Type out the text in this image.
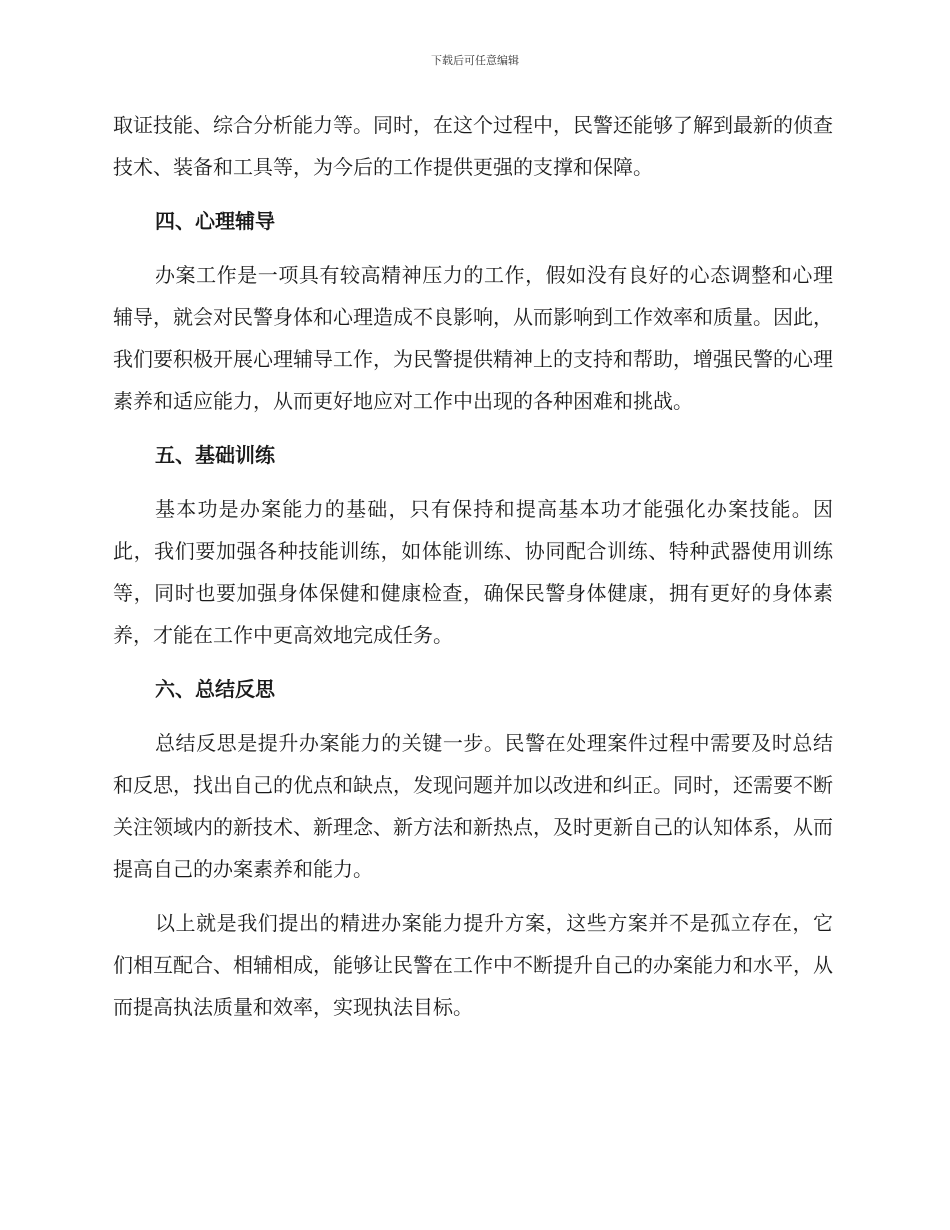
下载后可任意编辑

取证技能、综合分析能力等。同时，在这个过程中，民警还能够了解到最新的侦查技术、装备和工具等，为今后的工作提供更强的支撑和保障。

四、心理辅导

办案工作是一项具有较高精神压力的工作，假如没有良好的心态调整和心理辅导，就会对民警身体和心理造成不良影响，从而影响到工作效率和质量。因此，我们要积极开展心理辅导工作，为民警提供精神上的支持和帮助，增强民警的心理素养和适应能力，从而更好地应对工作中出现的各种困难和挑战。

五、基础训练

基本功是办案能力的基础，只有保持和提高基本功才能强化办案技能。因此，我们要加强各种技能训练，如体能训练、协同配合训练、特种武器使用训练等，同时也要加强身体保健和健康检查，确保民警身体健康，拥有更好的身体素养，才能在工作中更高效地完成任务。

六、总结反思

总结反思是提升办案能力的关键一步。民警在处理案件过程中需要及时总结和反思，找出自己的优点和缺点，发现问题并加以改进和纠正。同时，还需要不断关注领域内的新技术、新理念、新方法和新热点，及时更新自己的认知体系，从而提高自己的办案素养和能力。

以上就是我们提出的精进办案能力提升方案，这些方案并不是孤立存在，它们相互配合、相辅相成，能够让民警在工作中不断提升自己的办案能力和水平，从而提高执法质量和效率，实现执法目标。
